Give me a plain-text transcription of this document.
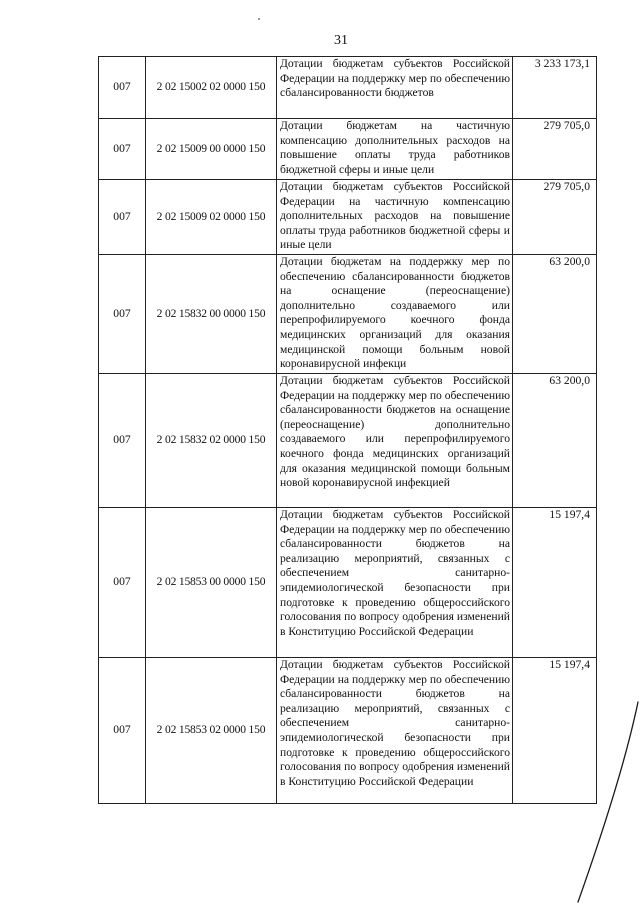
31
007	2 02 15002 02 0000 150	Дотации бюджетам субъектов Российской Федерации на поддержку мер по обеспечению сбалансированности бюджетов	3 233 173,1
007	2 02 15009 00 0000 150	Дотации бюджетам на частичную компенсацию дополнительных расходов на повышение оплаты труда работников бюджетной сферы и иные цели	279 705,0
007	2 02 15009 02 0000 150	Дотации бюджетам субъектов Российской Федерации на частичную компенсацию дополнительных расходов на повышение оплаты труда работников бюджетной сферы и иные цели	279 705,0
007	2 02 15832 00 0000 150	Дотации бюджетам на поддержку мер по обеспечению сбалансированности бюджетов на оснащение (переоснащение) дополнительно создаваемого или перепрофилируемого коечного фонда медицинских организаций для оказания медицинской помощи больным новой коронавирусной инфекци	63 200,0
007	2 02 15832 02 0000 150	Дотации бюджетам субъектов Российской Федерации на поддержку мер по обеспечению сбалансированности бюджетов на оснащение (переоснащение) дополнительно создаваемого или перепрофилируемого коечного фонда медицинских организаций для оказания медицинской помощи больным новой коронавирусной инфекцией	63 200,0
007	2 02 15853 00 0000 150	Дотации бюджетам субъектов Российской Федерации на поддержку мер по обеспечению сбалансированности бюджетов на реализацию мероприятий, связанных с обеспечением санитарно-эпидемиологической безопасности при подготовке к проведению общероссийского голосования по вопросу одобрения изменений в Конституцию Российской Федерации	15 197,4
007	2 02 15853 02 0000 150	Дотации бюджетам субъектов Российской Федерации на поддержку мер по обеспечению сбалансированности бюджетов на реализацию мероприятий, связанных с обеспечением санитарно-эпидемиологической безопасности при подготовке к проведению общероссийского голосования по вопросу одобрения изменений в Конституцию Российской Федерации	15 197,4
